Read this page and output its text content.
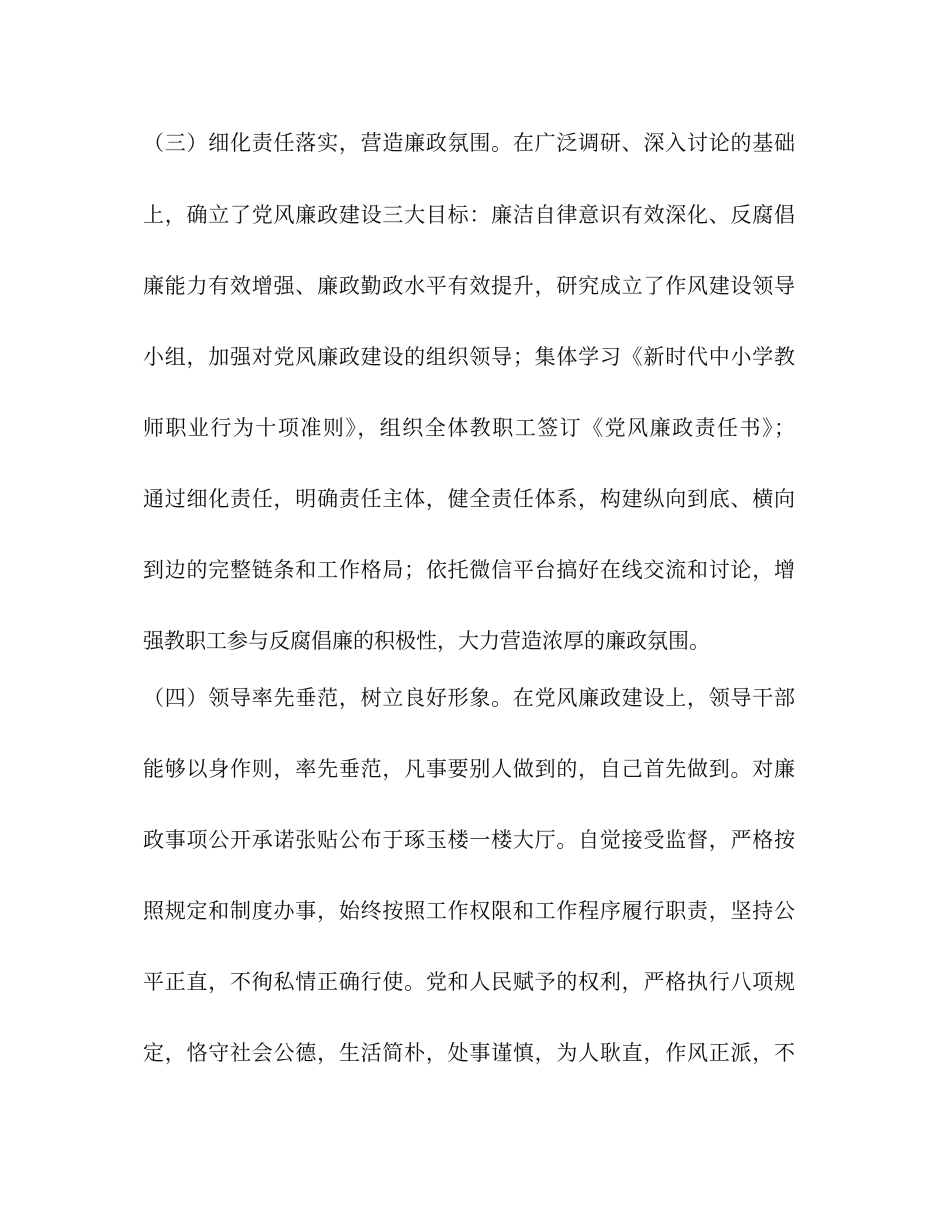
（三）细化责任落实，营造廉政氛围。在广泛调研、深入讨论的基础
上，确立了党风廉政建设三大目标：廉洁自律意识有效深化、反腐倡
廉能力有效增强、廉政勤政水平有效提升，研究成立了作风建设领导
小组，加强对党风廉政建设的组织领导；集体学习《新时代中小学教
师职业行为十项准则》，组织全体教职工签订《党风廉政责任书》；
通过细化责任，明确责任主体，健全责任体系，构建纵向到底、横向
到边的完整链条和工作格局；依托微信平台搞好在线交流和讨论，增
强教职工参与反腐倡廉的积极性，大力营造浓厚的廉政氛围。
（四）领导率先垂范，树立良好形象。在党风廉政建设上，领导干部
能够以身作则，率先垂范，凡事要别人做到的，自己首先做到。对廉
政事项公开承诺张贴公布于琢玉楼一楼大厅。自觉接受监督，严格按
照规定和制度办事，始终按照工作权限和工作程序履行职责，坚持公
平正直，不徇私情正确行使。党和人民赋予的权利，严格执行八项规
定，恪守社会公德，生活简朴，处事谨慎，为人耿直，作风正派，不
